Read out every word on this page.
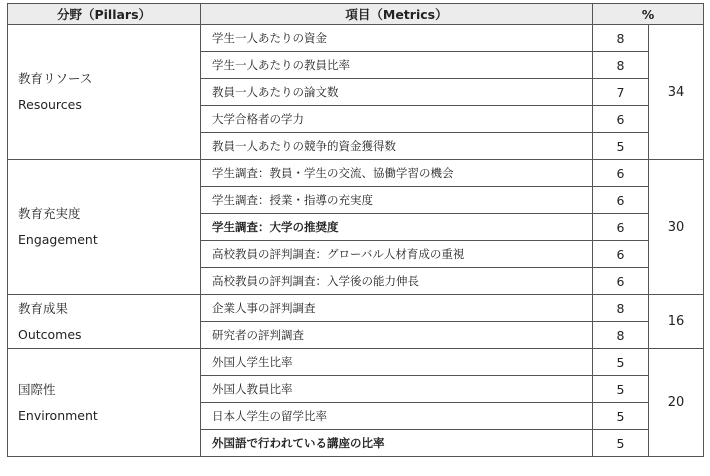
分野（Pillars）	項目（Metrics）	%	

教育リソース
Resources	学生一人あたりの資金	8	34
	学生一人あたりの教員比率	8	
	教員一人あたりの論文数	7	
	大学合格者の学力	6	
	教員一人あたりの競争的資金獲得数	5	

教育充実度
Engagement	学生調査：教員・学生の交流、協働学習の機会	6	30
	学生調査：授業・指導の充実度	6	
	学生調査：大学の推奨度	6	
	高校教員の評判調査：グローバル人材育成の重視	6	
	高校教員の評判調査：入学後の能力伸長	6	

教育成果
Outcomes	企業人事の評判調査	8	16
	研究者の評判調査	8	

国際性
Environment	外国人学生比率	5	20
	外国人教員比率	5	
	日本人学生の留学比率	5	
	外国語で行われている講座の比率	5	
